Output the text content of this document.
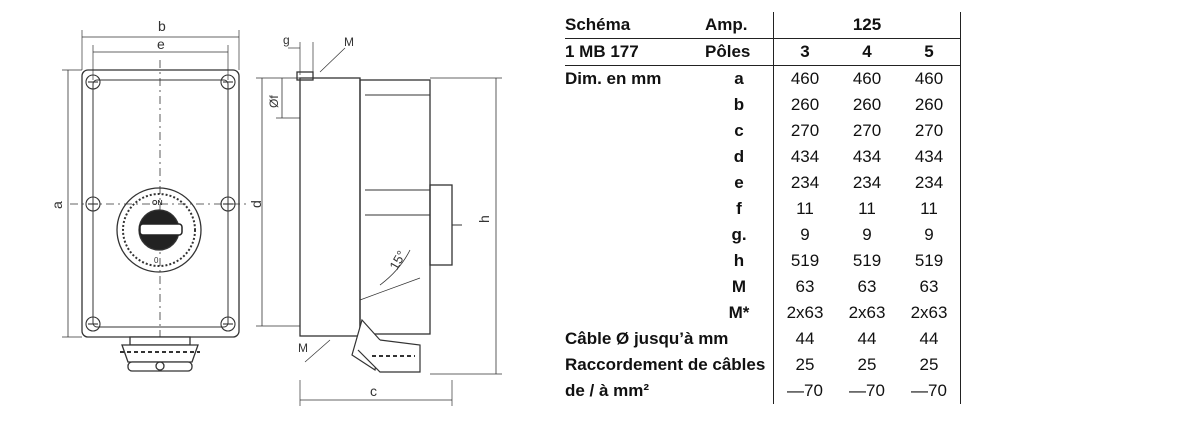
b
e
a
g	M
Øf
d
h
c
M
15°
ON
0
Schéma	Amp.	125		
1 MB 177	Pôles	3	4	5
Dim. en mm	a	460	460	460
	b	260	260	260
	c	270	270	270
	d	434	434	434
	e	234	234	234
	f	11	11	11
	g.	9	9	9
	h	519	519	519
	M	63	63	63
	M*	2x63	2x63	2x63
Câble Ø jusqu’à mm		44	44	44
Raccordement de câbles		25	25	25
de / à mm²		—70	—70	—70
